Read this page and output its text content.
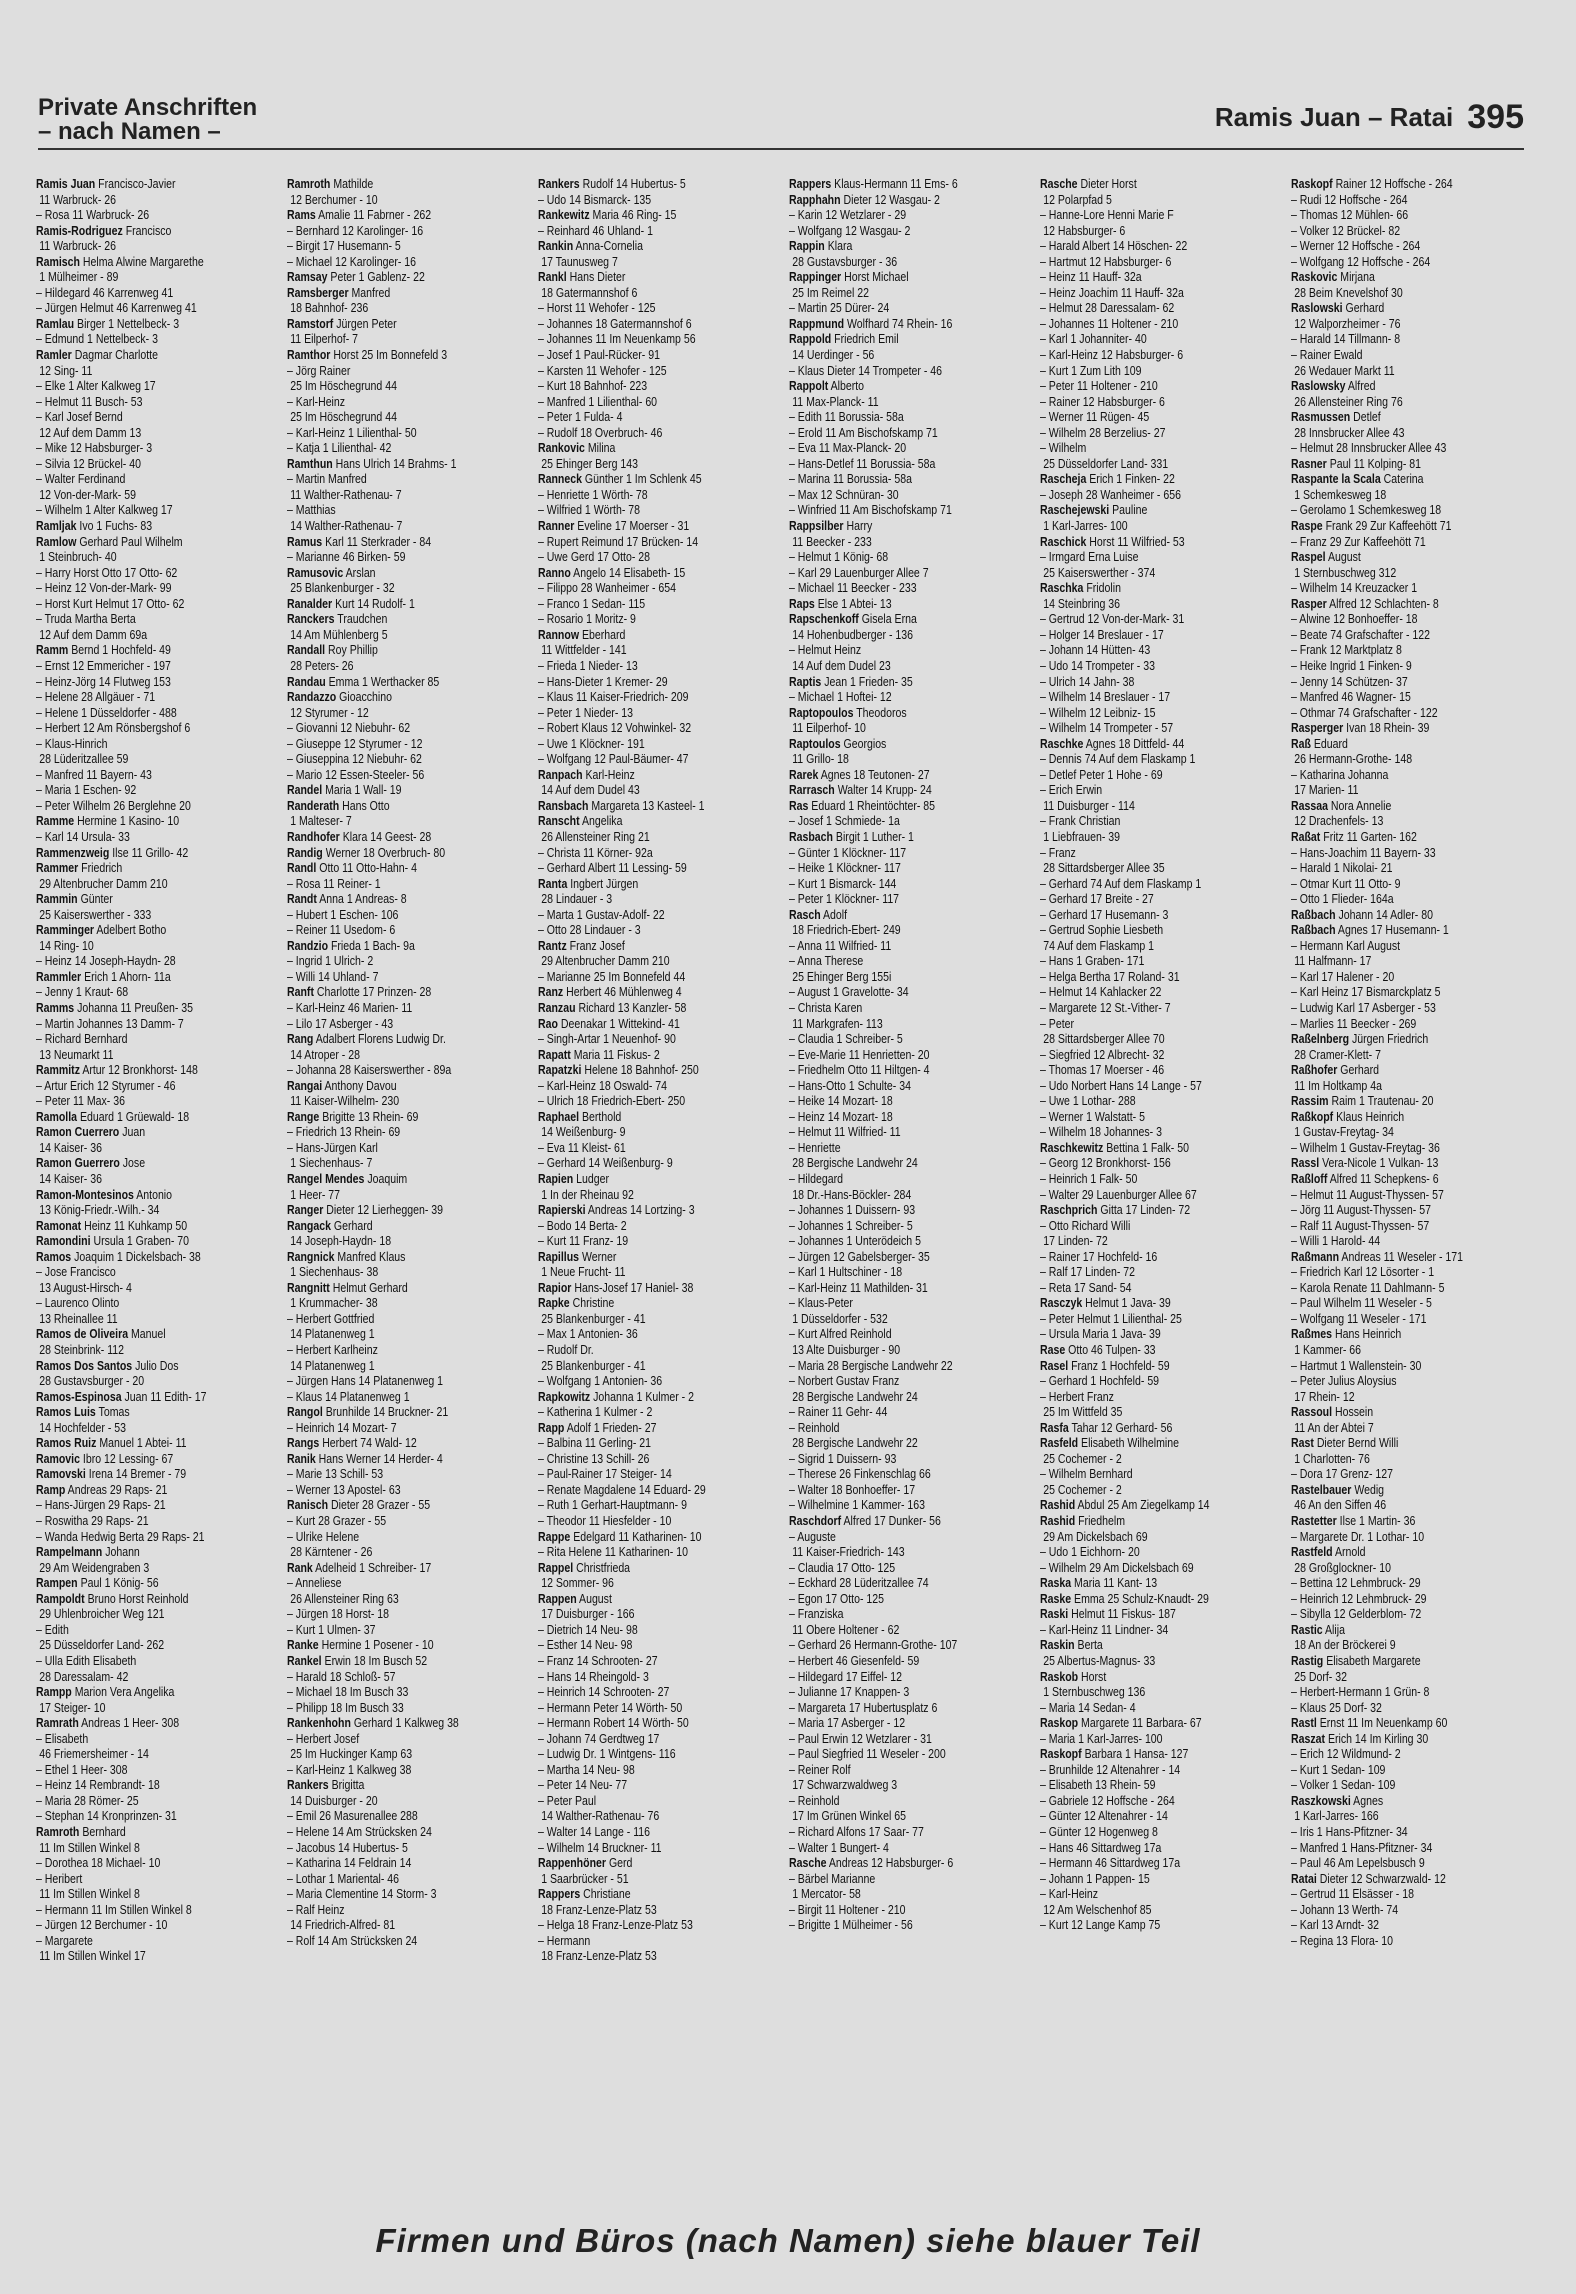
Private Anschriften
– nach Namen –	Ramis Juan – Ratai 395
Ramis Juan Francisco-Javier
11 Warbruck- 26
– Rosa 11 Warbruck- 26
Ramis-Rodriguez Francisco
11 Warbruck- 26
Ramisch Helma Alwine Margarethe
1 Mülheimer - 89
– Hildegard 46 Karrenweg 41
– Jürgen Helmut 46 Karrenweg 41
Ramlau Birger 1 Nettelbeck- 3
– Edmund 1 Nettelbeck- 3
Ramler Dagmar Charlotte
12 Sing- 11
– Elke 1 Alter Kalkweg 17
– Helmut 11 Busch- 53
– Karl Josef Bernd
12 Auf dem Damm 13
– Mike 12 Habsburger- 3
– Silvia 12 Brückel- 40
– Walter Ferdinand
12 Von-der-Mark- 59
– Wilhelm 1 Alter Kalkweg 17
Ramljak Ivo 1 Fuchs- 83
Ramlow Gerhard Paul Wilhelm
1 Steinbruch- 40
– Harry Horst Otto 17 Otto- 62
– Heinz 12 Von-der-Mark- 99
– Horst Kurt Helmut 17 Otto- 62
– Truda Martha Berta
12 Auf dem Damm 69a
Ramm Bernd 1 Hochfeld- 49
– Ernst 12 Emmericher - 197
– Heinz-Jörg 14 Flutweg 153
– Helene 28 Allgäuer - 71
– Helene 1 Düsseldorfer - 488
– Herbert 12 Am Rönsbergshof 6
– Klaus-Hinrich
28 Lüderitzallee 59
– Manfred 11 Bayern- 43
– Maria 1 Eschen- 92
– Peter Wilhelm 26 Berglehne 20
Ramme Hermine 1 Kasino- 10
– Karl 14 Ursula- 33
Rammenzweig Ilse 11 Grillo- 42
Rammer Friedrich
29 Altenbrucher Damm 210
Rammin Günter
25 Kaiserswerther - 333
Ramminger Adelbert Botho
14 Ring- 10
– Heinz 14 Joseph-Haydn- 28
Rammler Erich 1 Ahorn- 11a
– Jenny 1 Kraut- 68
Ramms Johanna 11 Preußen- 35
– Martin Johannes 13 Damm- 7
– Richard Bernhard
13 Neumarkt 11
Rammitz Artur 12 Bronkhorst- 148
– Artur Erich 12 Styrumer - 46
– Peter 11 Max- 36
Ramolla Eduard 1 Grüewald- 18
Ramon Cuerrero Juan
14 Kaiser- 36
Ramon Guerrero Jose
14 Kaiser- 36
Ramon-Montesinos Antonio
13 König-Friedr.-Wilh.- 34
Ramonat Heinz 11 Kuhkamp 50
Ramondini Ursula 1 Graben- 70
Ramos Joaquim 1 Dickelsbach- 38
– Jose Francisco
13 August-Hirsch- 4
– Laurenco Olinto
13 Rheinallee 11
Ramos de Oliveira Manuel
28 Steinbrink- 112
Ramos Dos Santos Julio Dos
28 Gustavsburger - 20
Ramos-Espinosa Juan 11 Edith- 17
Ramos Luis Tomas
14 Hochfelder - 53
Ramos Ruiz Manuel 1 Abtei- 11
Ramovic Ibro 12 Lessing- 67
Ramovski Irena 14 Bremer - 79
Ramp Andreas 29 Raps- 21
– Hans-Jürgen 29 Raps- 21
– Roswitha 29 Raps- 21
– Wanda Hedwig Berta 29 Raps- 21
Rampelmann Johann
29 Am Weidengraben 3
Rampen Paul 1 König- 56
Rampoldt Bruno Horst Reinhold
29 Uhlenbroicher Weg 121
– Edith
25 Düsseldorfer Land- 262
– Ulla Edith Elisabeth
28 Daressalam- 42
Rampp Marion Vera Angelika
17 Steiger- 10
Ramrath Andreas 1 Heer- 308
– Elisabeth
46 Friemersheimer - 14
– Ethel 1 Heer- 308
– Heinz 14 Rembrandt- 18
– Maria 28 Römer- 25
– Stephan 14 Kronprinzen- 31
Ramroth Bernhard
11 Im Stillen Winkel 8
– Dorothea 18 Michael- 10
– Heribert
11 Im Stillen Winkel 8
– Hermann 11 Im Stillen Winkel 8
– Jürgen 12 Berchumer - 10
– Margarete
11 Im Stillen Winkel 17
Ramroth Mathilde
12 Berchumer - 10
Rams Amalie 11 Fabrner - 262
– Bernhard 12 Karolinger- 16
– Birgit 17 Husemann- 5
– Michael 12 Karolinger- 16
Ramsay Peter 1 Gablenz- 22
Ramsberger Manfred
18 Bahnhof- 236
Ramstorf Jürgen Peter
11 Eilperhof- 7
Ramthor Horst 25 Im Bonnefeld 3
– Jörg Rainer
25 Im Höschegrund 44
– Karl-Heinz
25 Im Höschegrund 44
– Karl-Heinz 1 Lilienthal- 50
– Katja 1 Lilienthal- 42
Ramthun Hans Ulrich 14 Brahms- 1
– Martin Manfred
11 Walther-Rathenau- 7
– Matthias
14 Walther-Rathenau- 7
Ramus Karl 11 Sterkrader - 84
– Marianne 46 Birken- 59
Ramusovic Arslan
25 Blankenburger - 32
Ranalder Kurt 14 Rudolf- 1
Ranckers Traudchen
14 Am Mühlenberg 5
Randall Roy Phillip
28 Peters- 26
Randau Emma 1 Werthacker 85
Randazzo Gioacchino
12 Styrumer - 12
– Giovanni 12 Niebuhr- 62
– Giuseppe 12 Styrumer - 12
– Giuseppina 12 Niebuhr- 62
– Mario 12 Essen-Steeler- 56
Randel Maria 1 Wall- 19
Randerath Hans Otto
1 Malteser- 7
Randhofer Klara 14 Geest- 28
Randig Werner 18 Overbruch- 80
Randl Otto 11 Otto-Hahn- 4
– Rosa 11 Reiner- 1
Randt Anna 1 Andreas- 8
– Hubert 1 Eschen- 106
– Reiner 11 Usedom- 6
Randzio Frieda 1 Bach- 9a
– Ingrid 1 Ulrich- 2
– Willi 14 Uhland- 7
Ranft Charlotte 17 Prinzen- 28
– Karl-Heinz 46 Marien- 11
– Lilo 17 Asberger - 43
Rang Adalbert Florens Ludwig Dr.
14 Atroper - 28
– Johanna 28 Kaiserswerther - 89a
Rangai Anthony Davou
11 Kaiser-Wilhelm- 230
Range Brigitte 13 Rhein- 69
– Friedrich 13 Rhein- 69
– Hans-Jürgen Karl
1 Siechenhaus- 7
Rangel Mendes Joaquim
1 Heer- 77
Ranger Dieter 12 Lierheggen- 39
Rangack Gerhard
14 Joseph-Haydn- 18
Rangnick Manfred Klaus
1 Siechenhaus- 38
Rangnitt Helmut Gerhard
1 Krummacher- 38
– Herbert Gottfried
14 Platanenweg 1
– Herbert Karlheinz
14 Platanenweg 1
– Jürgen Hans 14 Platanenweg 1
– Klaus 14 Platanenweg 1
Rangol Brunhilde 14 Bruckner- 21
– Heinrich 14 Mozart- 7
Rangs Herbert 74 Wald- 12
Ranik Hans Werner 14 Herder- 4
– Marie 13 Schill- 53
– Werner 13 Apostel- 63
Ranisch Dieter 28 Grazer - 55
– Kurt 28 Grazer - 55
– Ulrike Helene
28 Kärntener - 26
Rank Adelheid 1 Schreiber- 17
– Anneliese
26 Allensteiner Ring 63
– Jürgen 18 Horst- 18
– Kurt 1 Ulmen- 37
Ranke Hermine 1 Posener - 10
Rankel Erwin 18 Im Busch 52
– Harald 18 Schloß- 57
– Michael 18 Im Busch 33
– Philipp 18 Im Busch 33
Rankenhohn Gerhard 1 Kalkweg 38
– Herbert Josef
25 Im Huckinger Kamp 63
– Karl-Heinz 1 Kalkweg 38
Rankers Brigitta
14 Duisburger - 20
– Emil 26 Masurenallee 288
– Helene 14 Am Strücksken 24
– Jacobus 14 Hubertus- 5
– Katharina 14 Feldrain 14
– Lothar 1 Mariental- 46
– Maria Clementine 14 Storm- 3
– Ralf Heinz
14 Friedrich-Alfred- 81
– Rolf 14 Am Strücksken 24
Rankers Rudolf 14 Hubertus- 5
– Udo 14 Bismarck- 135
Rankewitz Maria 46 Ring- 15
– Reinhard 46 Uhland- 1
Rankin Anna-Cornelia
17 Taunusweg 7
Rankl Hans Dieter
18 Gatermannshof 6
– Horst 11 Wehofer - 125
– Johannes 18 Gatermannshof 6
– Johannes 11 Im Neuenkamp 56
– Josef 1 Paul-Rücker- 91
– Karsten 11 Wehofer - 125
– Kurt 18 Bahnhof- 223
– Manfred 1 Lilienthal- 60
– Peter 1 Fulda- 4
– Rudolf 18 Overbruch- 46
Rankovic Milina
25 Ehinger Berg 143
Ranneck Günther 1 Im Schlenk 45
– Henriette 1 Wörth- 78
– Wilfried 1 Wörth- 78
Ranner Eveline 17 Moerser - 31
– Rupert Reimund 17 Brücken- 14
– Uwe Gerd 17 Otto- 28
Ranno Angelo 14 Elisabeth- 15
– Filippo 28 Wanheimer - 654
– Franco 1 Sedan- 115
– Rosario 1 Moritz- 9
Rannow Eberhard
11 Wittfelder - 141
– Frieda 1 Nieder- 13
– Hans-Dieter 1 Kremer- 29
– Klaus 11 Kaiser-Friedrich- 209
– Peter 1 Nieder- 13
– Robert Klaus 12 Vohwinkel- 32
– Uwe 1 Klöckner- 191
– Wolfgang 12 Paul-Bäumer- 47
Ranpach Karl-Heinz
14 Auf dem Dudel 43
Ransbach Margareta 13 Kasteel- 1
Ranscht Angelika
26 Allensteiner Ring 21
– Christa 11 Körner- 92a
– Gerhard Albert 11 Lessing- 59
Ranta Ingbert Jürgen
28 Lindauer - 3
– Marta 1 Gustav-Adolf- 22
– Otto 28 Lindauer - 3
Rantz Franz Josef
29 Altenbrucher Damm 210
– Marianne 25 Im Bonnefeld 44
Ranz Herbert 46 Mühlenweg 4
Ranzau Richard 13 Kanzler- 58
Rao Deenakar 1 Wittekind- 41
– Singh-Artar 1 Neuenhof- 90
Rapatt Maria 11 Fiskus- 2
Rapatzki Helene 18 Bahnhof- 250
– Karl-Heinz 18 Oswald- 74
– Ulrich 18 Friedrich-Ebert- 250
Raphael Berthold
14 Weißenburg- 9
– Eva 11 Kleist- 61
– Gerhard 14 Weißenburg- 9
Rapien Ludger
1 In der Rheinau 92
Rapierski Andreas 14 Lortzing- 3
– Bodo 14 Berta- 2
– Kurt 11 Franz- 19
Rapillus Werner
1 Neue Frucht- 11
Rapior Hans-Josef 17 Haniel- 38
Rapke Christine
25 Blankenburger - 41
– Max 1 Antonien- 36
– Rudolf Dr.
25 Blankenburger - 41
– Wolfgang 1 Antonien- 36
Rapkowitz Johanna 1 Kulmer - 2
– Katherina 1 Kulmer - 2
Rapp Adolf 1 Frieden- 27
– Balbina 11 Gerling- 21
– Christine 13 Schill- 26
– Paul-Rainer 17 Steiger- 14
– Renate Magdalene 14 Eduard- 29
– Ruth 1 Gerhart-Hauptmann- 9
– Theodor 11 Hiesfelder - 10
Rappe Edelgard 11 Katharinen- 10
– Rita Helene 11 Katharinen- 10
Rappel Christfrieda
12 Sommer- 96
Rappen August
17 Duisburger - 166
– Dietrich 14 Neu- 98
– Esther 14 Neu- 98
– Franz 14 Schrooten- 27
– Hans 14 Rheingold- 3
– Heinrich 14 Schrooten- 27
– Hermann Peter 14 Wörth- 50
– Hermann Robert 14 Wörth- 50
– Johann 74 Gerdtweg 17
– Ludwig Dr. 1 Wintgens- 116
– Martha 14 Neu- 98
– Peter 14 Neu- 77
– Peter Paul
14 Walther-Rathenau- 76
– Walter 14 Lange - 116
– Wilhelm 14 Bruckner- 11
Rappenhöner Gerd
1 Saarbrücker - 51
Rappers Christiane
18 Franz-Lenze-Platz 53
– Helga 18 Franz-Lenze-Platz 53
– Hermann
18 Franz-Lenze-Platz 53
Rappers Klaus-Hermann 11 Ems- 6
Rapphahn Dieter 12 Wasgau- 2
– Karin 12 Wetzlarer - 29
– Wolfgang 12 Wasgau- 2
Rappin Klara
28 Gustavsburger - 36
Rappinger Horst Michael
25 Im Reimel 22
– Martin 25 Dürer- 24
Rappmund Wolfhard 74 Rhein- 16
Rappold Friedrich Emil
14 Uerdinger - 56
– Klaus Dieter 14 Trompeter - 46
Rappolt Alberto
11 Max-Planck- 11
– Edith 11 Borussia- 58a
– Erold 11 Am Bischofskamp 71
– Eva 11 Max-Planck- 20
– Hans-Detlef 11 Borussia- 58a
– Marina 11 Borussia- 58a
– Max 12 Schnüran- 30
– Winfried 11 Am Bischofskamp 71
Rappsilber Harry
11 Beecker - 233
– Helmut 1 König- 68
– Karl 29 Lauenburger Allee 7
– Michael 11 Beecker - 233
Raps Else 1 Abtei- 13
Rapschenkoff Gisela Erna
14 Hohenbudberger - 136
– Helmut Heinz
14 Auf dem Dudel 23
Raptis Jean 1 Frieden- 35
– Michael 1 Hoftei- 12
Raptopoulos Theodoros
11 Eilperhof- 10
Raptoulos Georgios
11 Grillo- 18
Rarek Agnes 18 Teutonen- 27
Rarrasch Walter 14 Krupp- 24
Ras Eduard 1 Rheintöchter- 85
– Josef 1 Schmiede- 1a
Rasbach Birgit 1 Luther- 1
– Günter 1 Klöckner- 117
– Heike 1 Klöckner- 117
– Kurt 1 Bismarck- 144
– Peter 1 Klöckner- 117
Rasch Adolf
18 Friedrich-Ebert- 249
– Anna 11 Wilfried- 11
– Anna Therese
25 Ehinger Berg 155i
– August 1 Gravelotte- 34
– Christa Karen
11 Markgrafen- 113
– Claudia 1 Schreiber- 5
– Eve-Marie 11 Henrietten- 20
– Friedhelm Otto 11 Hiltgen- 4
– Hans-Otto 1 Schulte- 34
– Heike 14 Mozart- 18
– Heinz 14 Mozart- 18
– Helmut 11 Wilfried- 11
– Henriette
28 Bergische Landwehr 24
– Hildegard
18 Dr.-Hans-Böckler- 284
– Johannes 1 Duissern- 93
– Johannes 1 Schreiber- 5
– Johannes 1 Unterödeich 5
– Jürgen 12 Gabelsberger- 35
– Karl 1 Hultschiner - 18
– Karl-Heinz 11 Mathilden- 31
– Klaus-Peter
1 Düsseldorfer - 532
– Kurt Alfred Reinhold
13 Alte Duisburger - 90
– Maria 28 Bergische Landwehr 22
– Norbert Gustav Franz
28 Bergische Landwehr 24
– Rainer 11 Gehr- 44
– Reinhold
28 Bergische Landwehr 22
– Sigrid 1 Duissern- 93
– Therese 26 Finkenschlag 66
– Walter 18 Bonhoeffer- 17
– Wilhelmine 1 Kammer- 163
Raschdorf Alfred 17 Dunker- 56
– Auguste
11 Kaiser-Friedrich- 143
– Claudia 17 Otto- 125
– Eckhard 28 Lüderitzallee 74
– Egon 17 Otto- 125
– Franziska
11 Obere Holtener - 62
– Gerhard 26 Hermann-Grothe- 107
– Herbert 46 Giesenfeld- 59
– Hildegard 17 Eiffel- 12
– Julianne 17 Knappen- 3
– Margareta 17 Hubertusplatz 6
– Maria 17 Asberger - 12
– Paul Erwin 12 Wetzlarer - 31
– Paul Siegfried 11 Weseler - 200
– Reiner Rolf
17 Schwarzwaldweg 3
– Reinhold
17 Im Grünen Winkel 65
– Richard Alfons 17 Saar- 77
– Walter 1 Bungert- 4
Rasche Andreas 12 Habsburger- 6
– Bärbel Marianne
1 Mercator- 58
– Birgit 11 Holtener - 210
– Brigitte 1 Mülheimer - 56
Rasche Dieter Horst
12 Polarpfad 5
– Hanne-Lore Henni Marie F
12 Habsburger- 6
– Harald Albert 14 Höschen- 22
– Hartmut 12 Habsburger- 6
– Heinz 11 Hauff- 32a
– Heinz Joachim 11 Hauff- 32a
– Helmut 28 Daressalam- 62
– Johannes 11 Holtener - 210
– Karl 1 Johanniter- 40
– Karl-Heinz 12 Habsburger- 6
– Kurt 1 Zum Lith 109
– Peter 11 Holtener - 210
– Rainer 12 Habsburger- 6
– Werner 11 Rügen- 45
– Wilhelm 28 Berzelius- 27
– Wilhelm
25 Düsseldorfer Land- 331
Rascheja Erich 1 Finken- 22
– Joseph 28 Wanheimer - 656
Raschejewski Pauline
1 Karl-Jarres- 100
Raschick Horst 11 Wilfried- 53
– Irmgard Erna Luise
25 Kaiserswerther - 374
Raschka Fridolin
14 Steinbring 36
– Gertrud 12 Von-der-Mark- 31
– Holger 14 Breslauer - 17
– Johann 14 Hütten- 43
– Udo 14 Trompeter - 33
– Ulrich 14 Jahn- 38
– Wilhelm 14 Breslauer - 17
– Wilhelm 12 Leibniz- 15
– Wilhelm 14 Trompeter - 57
Raschke Agnes 18 Dittfeld- 44
– Dennis 74 Auf dem Flaskamp 1
– Detlef Peter 1 Hohe - 69
– Erich Erwin
11 Duisburger - 114
– Frank Christian
1 Liebfrauen- 39
– Franz
28 Sittardsberger Allee 35
– Gerhard 74 Auf dem Flaskamp 1
– Gerhard 17 Breite - 27
– Gerhard 17 Husemann- 3
– Gertrud Sophie Liesbeth
74 Auf dem Flaskamp 1
– Hans 1 Graben- 171
– Helga Bertha 17 Roland- 31
– Helmut 14 Kahlacker 22
– Margarete 12 St.-Vither- 7
– Peter
28 Sittardsberger Allee 70
– Siegfried 12 Albrecht- 32
– Thomas 17 Moerser - 46
– Udo Norbert Hans 14 Lange - 57
– Uwe 1 Lothar- 288
– Werner 1 Walstatt- 5
– Wilhelm 18 Johannes- 3
Raschkewitz Bettina 1 Falk- 50
– Georg 12 Bronkhorst- 156
– Heinrich 1 Falk- 50
– Walter 29 Lauenburger Allee 67
Raschprich Gitta 17 Linden- 72
– Otto Richard Willi
17 Linden- 72
– Rainer 17 Hochfeld- 16
– Ralf 17 Linden- 72
– Reta 17 Sand- 54
Rasczyk Helmut 1 Java- 39
– Peter Helmut 1 Lilienthal- 25
– Ursula Maria 1 Java- 39
Rase Otto 46 Tulpen- 33
Rasel Franz 1 Hochfeld- 59
– Gerhard 1 Hochfeld- 59
– Herbert Franz
25 Im Wittfeld 35
Rasfa Tahar 12 Gerhard- 56
Rasfeld Elisabeth Wilhelmine
25 Cochemer - 2
– Wilhelm Bernhard
25 Cochemer - 2
Rashid Abdul 25 Am Ziegelkamp 14
Rashid Friedhelm
29 Am Dickelsbach 69
– Udo 1 Eichhorn- 20
– Wilhelm 29 Am Dickelsbach 69
Raska Maria 11 Kant- 13
Raske Emma 25 Schulz-Knaudt- 29
Raski Helmut 11 Fiskus- 187
– Karl-Heinz 11 Lindner- 34
Raskin Berta
25 Albertus-Magnus- 33
Raskob Horst
1 Sternbuschweg 136
– Maria 14 Sedan- 4
Raskop Margarete 11 Barbara- 67
– Maria 1 Karl-Jarres- 100
Raskopf Barbara 1 Hansa- 127
– Brunhilde 12 Altenahrer - 14
– Elisabeth 13 Rhein- 59
– Gabriele 12 Hoffsche - 264
– Günter 12 Altenahrer - 14
– Günter 12 Hogenweg 8
– Hans 46 Sittardweg 17a
– Hermann 46 Sittardweg 17a
– Johann 1 Pappen- 15
– Karl-Heinz
12 Am Welschenhof 85
– Kurt 12 Lange Kamp 75
Raskopf Rainer 12 Hoffsche - 264
– Rudi 12 Hoffsche - 264
– Thomas 12 Mühlen- 66
– Volker 12 Brückel- 82
– Werner 12 Hoffsche - 264
– Wolfgang 12 Hoffsche - 264
Raskovic Mirjana
28 Beim Knevelshof 30
Raslowski Gerhard
12 Walporzheimer - 76
– Harald 14 Tillmann- 8
– Rainer Ewald
26 Wedauer Markt 11
Raslowsky Alfred
26 Allensteiner Ring 76
Rasmussen Detlef
28 Innsbrucker Allee 43
– Helmut 28 Innsbrucker Allee 43
Rasner Paul 11 Kolping- 81
Raspante la Scala Caterina
1 Schemkesweg 18
– Gerolamo 1 Schemkesweg 18
Raspe Frank 29 Zur Kaffeehött 71
– Franz 29 Zur Kaffeehött 71
Raspel August
1 Sternbuschweg 312
– Wilhelm 14 Kreuzacker 1
Rasper Alfred 12 Schlachten- 8
– Alwine 12 Bonhoeffer- 18
– Beate 74 Grafschafter - 122
– Frank 12 Marktplatz 8
– Heike Ingrid 1 Finken- 9
– Jenny 14 Schützen- 37
– Manfred 46 Wagner- 15
– Othmar 74 Grafschafter - 122
Rasperger Ivan 18 Rhein- 39
Raß Eduard
26 Hermann-Grothe- 148
– Katharina Johanna
17 Marien- 11
Rassaa Nora Annelie
12 Drachenfels- 13
Raßat Fritz 11 Garten- 162
– Hans-Joachim 11 Bayern- 33
– Harald 1 Nikolai- 21
– Otmar Kurt 11 Otto- 9
– Otto 1 Flieder- 164a
Raßbach Johann 14 Adler- 80
Raßbach Agnes 17 Husemann- 1
– Hermann Karl August
11 Halfmann- 17
– Karl 17 Halener - 20
– Karl Heinz 17 Bismarckplatz 5
– Ludwig Karl 17 Asberger - 53
– Marlies 11 Beecker - 269
Raßelnberg Jürgen Friedrich
28 Cramer-Klett- 7
Raßhofer Gerhard
11 Im Holtkamp 4a
Rassim Raim 1 Trautenau- 20
Raßkopf Klaus Heinrich
1 Gustav-Freytag- 34
– Wilhelm 1 Gustav-Freytag- 36
Rassl Vera-Nicole 1 Vulkan- 13
Raßloff Alfred 11 Schepkens- 6
– Helmut 11 August-Thyssen- 57
– Jörg 11 August-Thyssen- 57
– Ralf 11 August-Thyssen- 57
– Willi 1 Harold- 44
Raßmann Andreas 11 Weseler - 171
– Friedrich Karl 12 Lösorter - 1
– Karola Renate 11 Dahlmann- 5
– Paul Wilhelm 11 Weseler - 5
– Wolfgang 11 Weseler - 171
Raßmes Hans Heinrich
1 Kammer- 66
– Hartmut 1 Wallenstein- 30
– Peter Julius Aloysius
17 Rhein- 12
Rassoul Hossein
11 An der Abtei 7
Rast Dieter Bernd Willi
1 Charlotten- 76
– Dora 17 Grenz- 127
Rastelbauer Wedig
46 An den Siffen 46
Rastetter Ilse 1 Martin- 36
– Margarete Dr. 1 Lothar- 10
Rastfeld Arnold
28 Großglockner- 10
– Bettina 12 Lehmbruck- 29
– Heinrich 12 Lehmbruck- 29
– Sibylla 12 Gelderblom- 72
Rastic Alija
18 An der Bröckerei 9
Rastig Elisabeth Margarete
25 Dorf- 32
– Herbert-Hermann 1 Grün- 8
– Klaus 25 Dorf- 32
Rastl Ernst 11 Im Neuenkamp 60
Raszat Erich 14 Im Kirling 30
– Erich 12 Wildmund- 2
– Kurt 1 Sedan- 109
– Volker 1 Sedan- 109
Raszkowski Agnes
1 Karl-Jarres- 166
– Iris 1 Hans-Pfitzner- 34
– Manfred 1 Hans-Pfitzner- 34
– Paul 46 Am Lepelsbusch 9
Ratai Dieter 12 Schwarzwald- 12
– Gertrud 11 Elsässer - 18
– Johann 13 Werth- 74
– Karl 13 Arndt- 32
– Regina 13 Flora- 10
Firmen und Büros (nach Namen) siehe blauer Teil
